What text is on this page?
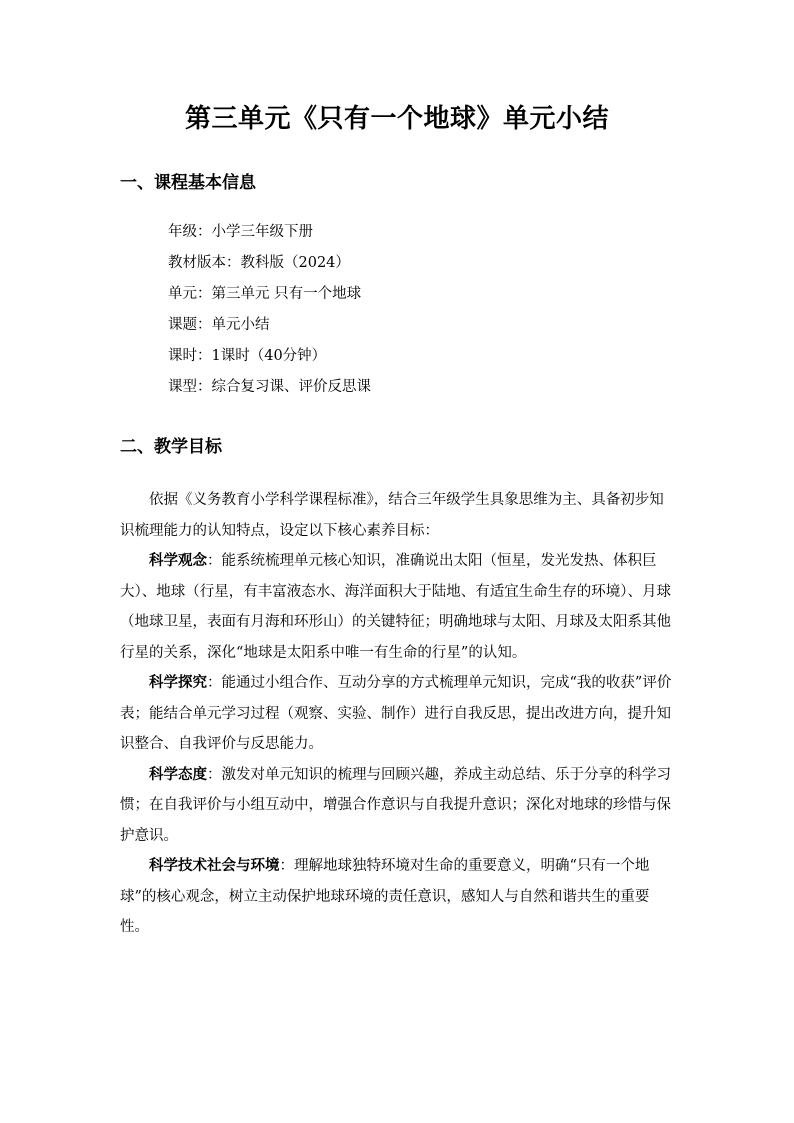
第三单元《只有一个地球》单元小结
一、课程基本信息
年级：小学三年级下册
教材版本：教科版（2024）
单元：第三单元 只有一个地球
课题：单元小结
课时：1课时（40分钟）
课型：综合复习课、评价反思课
二、教学目标

依据《义务教育小学科学课程标准》，结合三年级学生具象思维为主、具备初步知识梳理能力的认知特点，设定以下核心素养目标：

科学观念：能系统梳理单元核心知识，准确说出太阳（恒星，发光发热、体积巨大）、地球（行星，有丰富液态水、海洋面积大于陆地、有适宜生命生存的环境）、月球（地球卫星，表面有月海和环形山）的关键特征；明确地球与太阳、月球及太阳系其他行星的关系，深化“地球是太阳系中唯一有生命的行星”的认知。

科学探究：能通过小组合作、互动分享的方式梳理单元知识，完成“我的收获”评价表；能结合单元学习过程（观察、实验、制作）进行自我反思，提出改进方向，提升知识整合、自我评价与反思能力。

科学态度：激发对单元知识的梳理与回顾兴趣，养成主动总结、乐于分享的科学习惯；在自我评价与小组互动中，增强合作意识与自我提升意识；深化对地球的珍惜与保护意识。

科学技术社会与环境：理解地球独特环境对生命的重要意义，明确“只有一个地球”的核心观念，树立主动保护地球环境的责任意识，感知人与自然和谐共生的重要性。
